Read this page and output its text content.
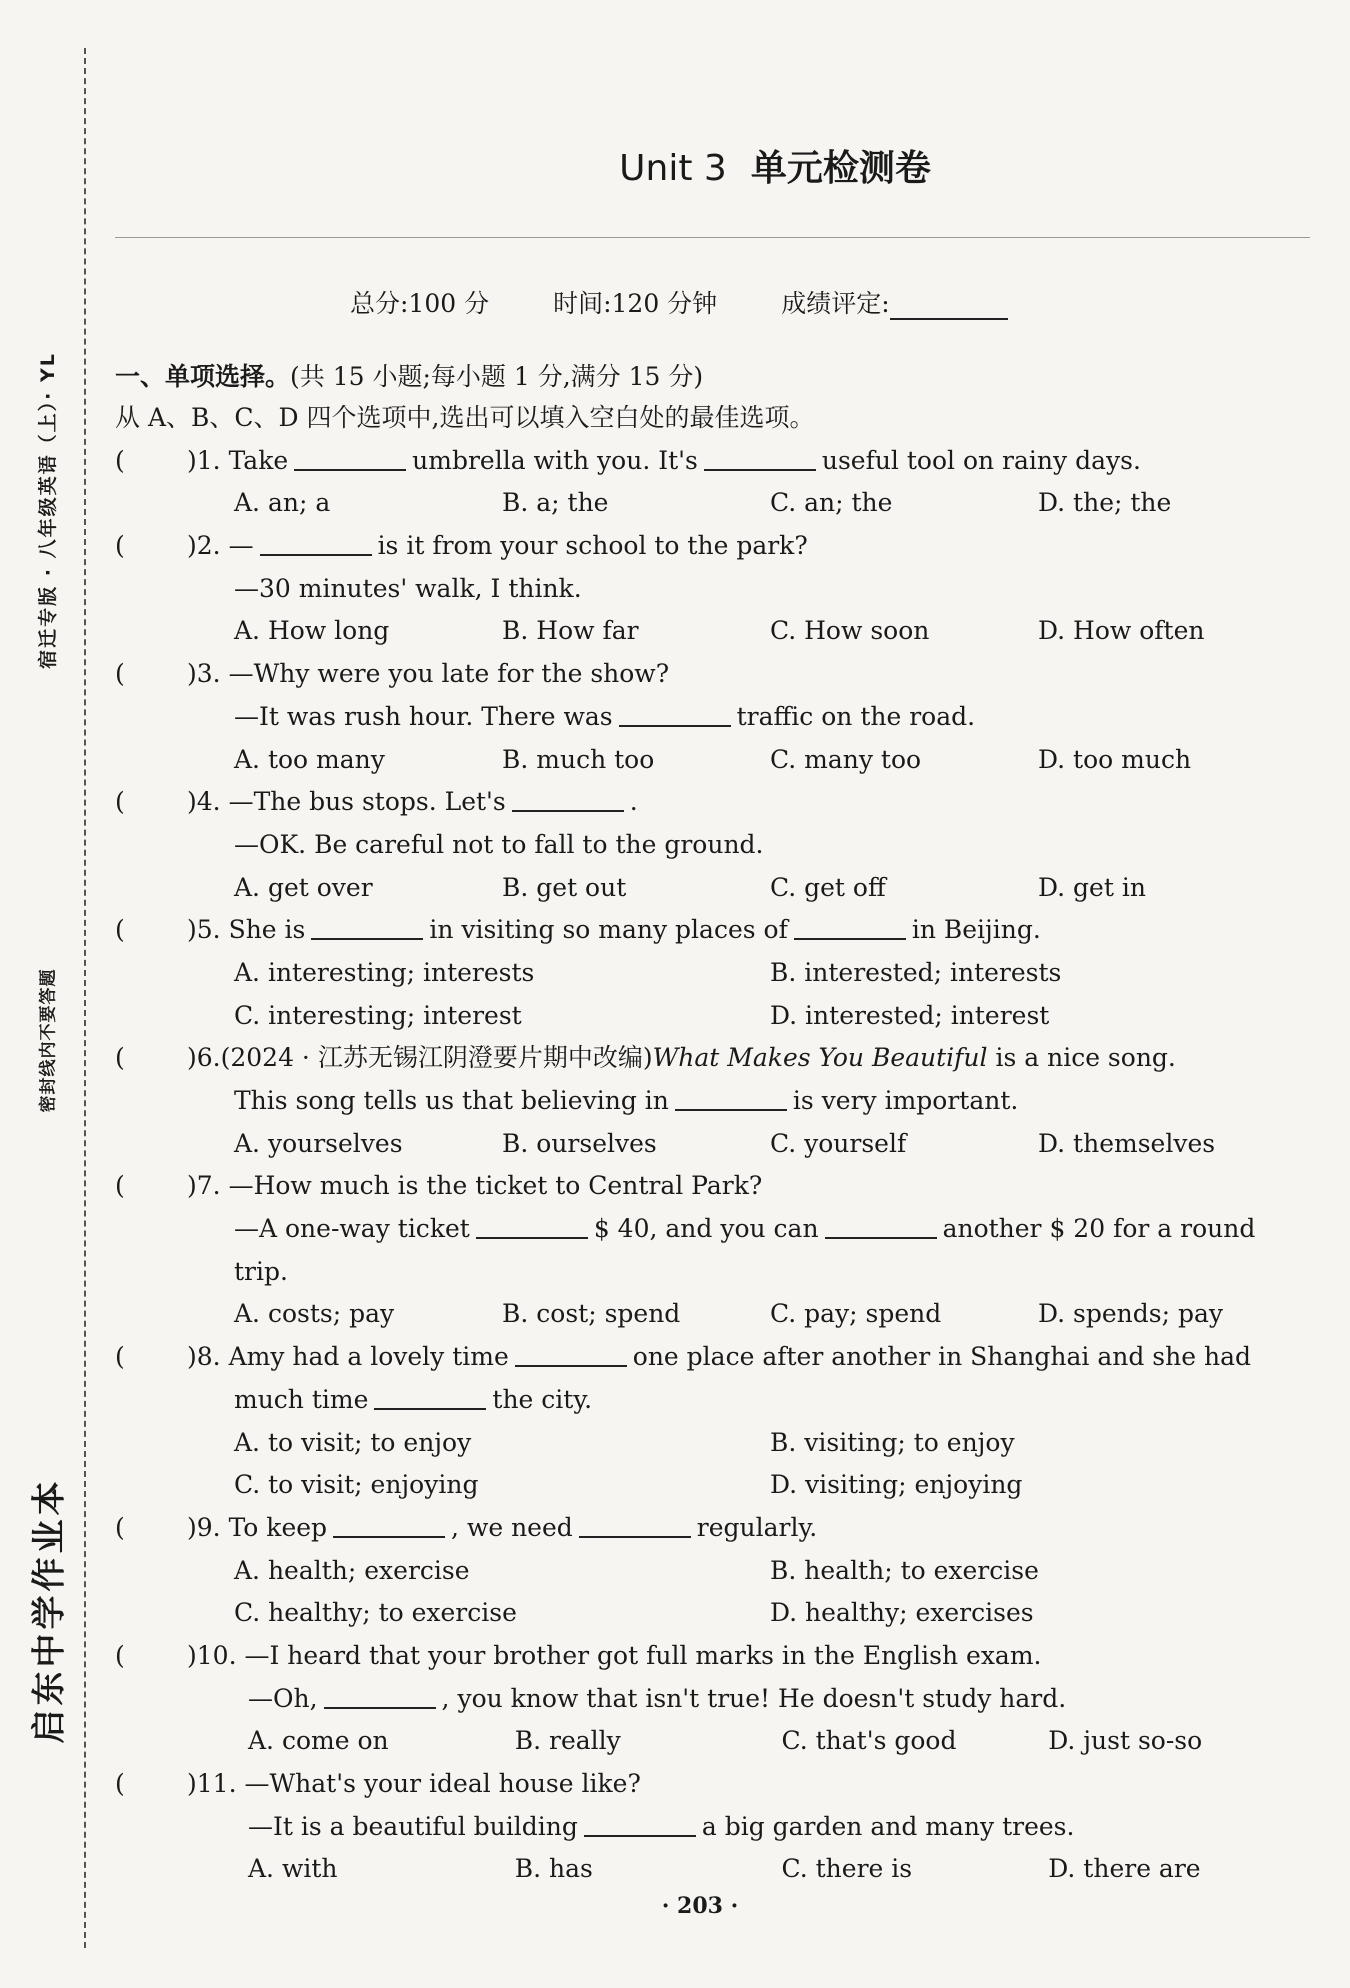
宿迁专版 · 八年级英语（上）· YL
密封线内不要答题
启东中学作业本
Unit 3 单元检测卷
总分:100 分	时间:120 分钟	成绩评定:
一、单项选择。(共 15 小题;每小题 1 分,满分 15 分)
从 A、B、C、D 四个选项中,选出可以填入空白处的最佳选项。
( )1. Take	umbrella with you. It's	useful tool on rainy days.
A. an; a	B. a; the	C. an; the	D. the; the
( )2. —	is it from your school to the park?
—30 minutes' walk, I think.
A. How long	B. How far	C. How soon	D. How often
( )3. —Why were you late for the show?
—It was rush hour. There was	traffic on the road.
A. too many	B. much too	C. many too	D. too much
( )4. —The bus stops. Let's	.
—OK. Be careful not to fall to the ground.
A. get over	B. get out	C. get off	D. get in
( )5. She is	in visiting so many places of	in Beijing.
A. interesting; interests	B. interested; interests
C. interesting; interest	D. interested; interest
( )6.(2024 · 江苏无锡江阴澄要片期中改编)What Makes You Beautiful is a nice song.
This song tells us that believing in	is very important.
A. yourselves	B. ourselves	C. yourself	D. themselves
( )7. —How much is the ticket to Central Park?
—A one-way ticket	$ 40, and you can	another $ 20 for a round
trip.
A. costs; pay	B. cost; spend	C. pay; spend	D. spends; pay
( )8. Amy had a lovely time	one place after another in Shanghai and she had
much time	the city.
A. to visit; to enjoy	B. visiting; to enjoy
C. to visit; enjoying	D. visiting; enjoying
( )9. To keep	, we need	regularly.
A. health; exercise	B. health; to exercise
C. healthy; to exercise	D. healthy; exercises
( )10. —I heard that your brother got full marks in the English exam.
—Oh,	, you know that isn't true! He doesn't study hard.
A. come on	B. really	C. that's good	D. just so-so
( )11. —What's your ideal house like?
—It is a beautiful building	a big garden and many trees.
A. with	B. has	C. there is	D. there are
· 203 ·
